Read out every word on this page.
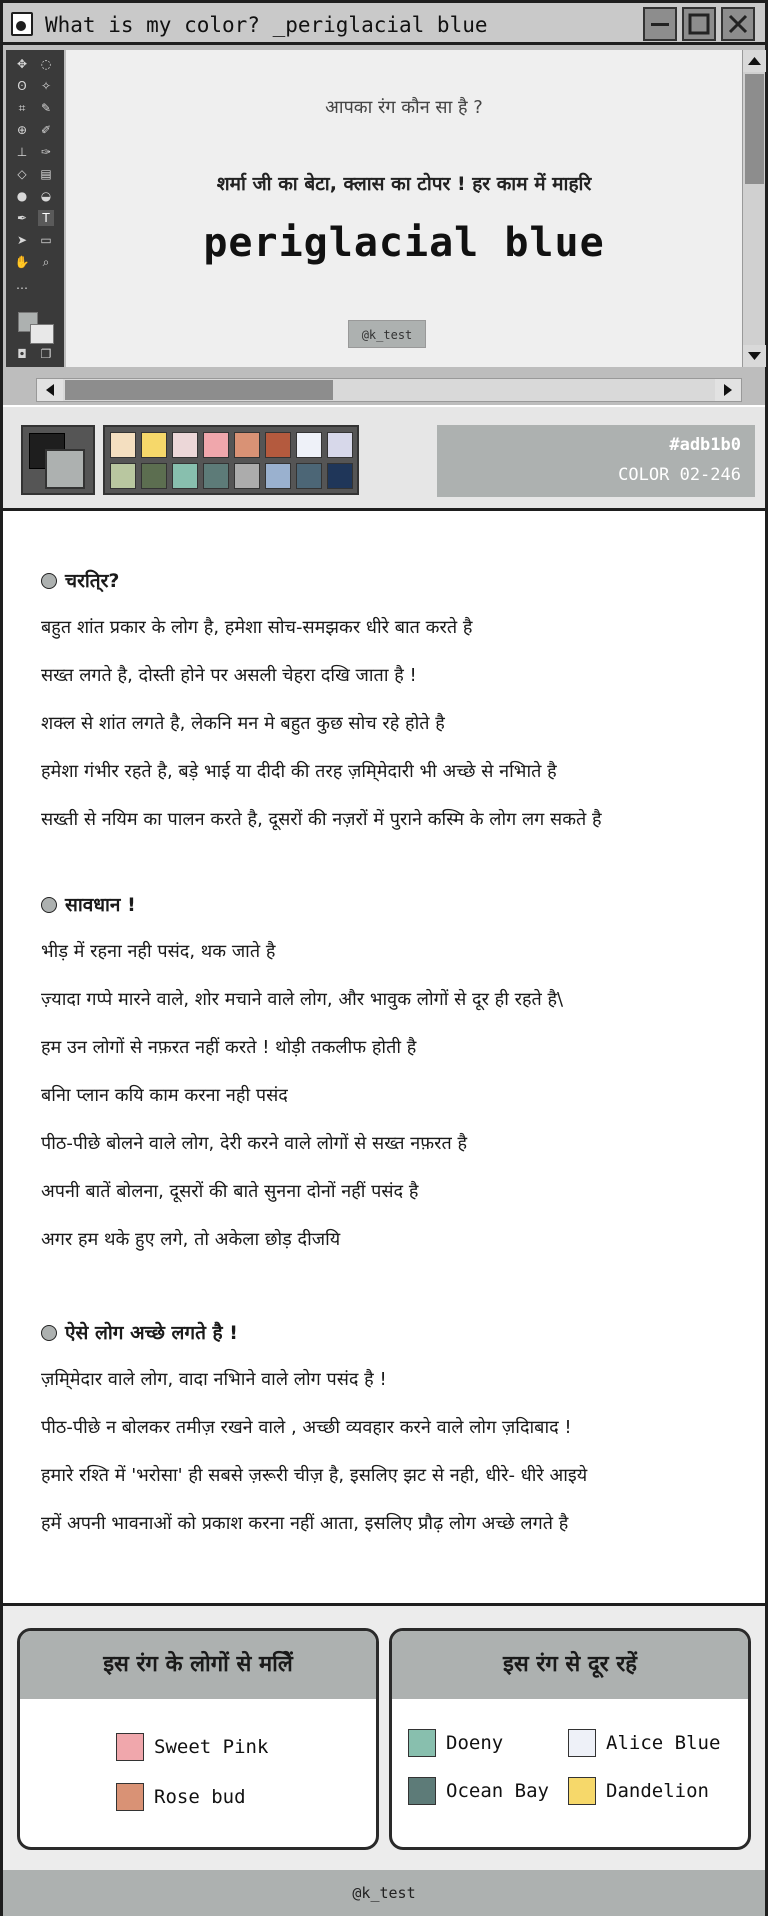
What is my color? _periglacial blue
✥ ◌
ʘ ✧
⌗	✎
⊕ ✐
⊥ ✑
◇ ▤
● ◒
✒	T
➤ ▭
✋	⌕
⋯
◘ ❐
आपका रंग कौन सा है ?
शर्मा जी का बेटा, क्लास का टोपर ! हर काम में माहरि
periglacial blue
@k_test
#adb1b0
COLOR 02-246
चरति्र?
बहुत शांत प्रकार के लोग है, हमेशा सोच-समझकर धीरे बात करते है
सख्त लगते है, दोस्ती होने पर असली चेहरा दखि जाता है !
शक्ल से शांत लगते है, लेकनि मन मे बहुत कुछ सोच रहे होते है
हमेशा गंभीर रहते है, बड़े भाई या दीदी की तरह ज़मि्मेदारी भी अच्छे से नभिाते है
सख्ती से नयिम का पालन करते है, दूसरों की नज़रों में पुराने कस्मि के लोग लग सकते है
सावधान !
भीड़ में रहना नही पसंद, थक जाते है
ज़्यादा गप्पे मारने वाले, शोर मचाने वाले लोग, और भावुक लोगों से दूर ही रहते है\
हम उन लोगों से नफ़रत नहीं करते ! थोड़ी तकलीफ होती है
बनिा प्लान कयि काम करना नही पसंद
पीठ-पीछे बोलने वाले लोग, देरी करने वाले लोगों से सख्त नफ़रत है
अपनी बातें बोलना, दूसरों की बाते सुनना दोनों नहीं पसंद है
अगर हम थके हुए लगे, तो अकेला छोड़ दीजयि
ऐसे लोग अच्छे लगते है !
ज़मि्मेदार वाले लोग, वादा नभिाने वाले लोग पसंद है !
पीठ-पीछे न बोलकर तमीज़ रखने वाले , अच्छी व्यवहार करने वाले लोग ज़दिाबाद !
हमारे रश्ति में 'भरोसा' ही सबसे ज़रूरी चीज़ है, इसलिए झट से नही, धीरे- धीरे आइये
हमें अपनी भावनाओं को प्रकाश करना नहीं आता, इसलिए प्रौढ़ लोग अच्छे लगते है
इस रंग के लोगों से मलिें
Sweet Pink
Rose bud
इस रंग से दूर रहें
Doeny	Alice Blue
Ocean Bay	Dandelion
@k_test
